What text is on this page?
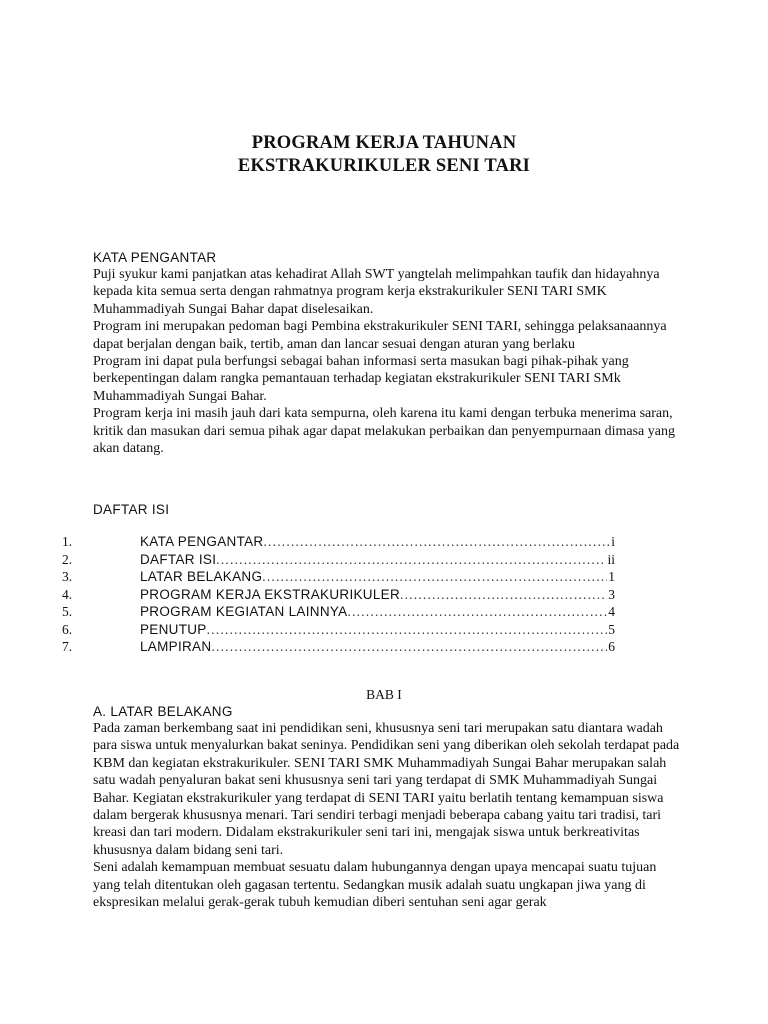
PROGRAM KERJA TAHUNAN
EKSTRAKURIKULER SENI TARI
KATA PENGANTAR

Puji syukur kami panjatkan atas kehadirat Allah SWT yangtelah melimpahkan taufik dan hidayahnya kepada kita semua serta dengan rahmatnya program kerja ekstrakurikuler SENI TARI SMK Muhammadiyah Sungai Bahar dapat diselesaikan.

Program ini merupakan pedoman bagi Pembina ekstrakurikuler SENI TARI, sehingga pelaksanaannya dapat berjalan dengan baik, tertib, aman dan lancar sesuai dengan aturan yang berlaku

Program ini dapat pula berfungsi sebagai bahan informasi serta masukan bagi pihak-pihak yang berkepentingan dalam rangka pemantauan terhadap kegiatan ekstrakurikuler SENI TARI SMk Muhammadiyah Sungai Bahar.

Program kerja ini masih jauh dari kata sempurna, oleh karena itu kami dengan terbuka menerima saran, kritik dan masukan dari semua pihak agar dapat melakukan perbaikan dan penyempurnaan dimasa yang akan datang.

DAFTAR ISI
1.	KATA PENGANTAR .....	i
2.	DAFTAR ISI .....	ii
3.	LATAR BELAKANG .....	1
4.	PROGRAM KERJA EKSTRAKURIKULER .....	3
5.	PROGRAM KEGIATAN LAINNYA .....	4
6.	PENUTUP .....	5
7.	LAMPIRAN .....	6
BAB I
A. LATAR BELAKANG

Pada zaman berkembang saat ini pendidikan seni, khususnya seni tari merupakan satu diantara wadah para siswa untuk menyalurkan bakat seninya. Pendidikan seni yang diberikan oleh sekolah terdapat pada KBM dan kegiatan ekstrakurikuler. SENI TARI SMK Muhammadiyah Sungai Bahar merupakan salah satu wadah penyaluran bakat seni khususnya seni tari yang terdapat di SMK Muhammadiyah Sungai Bahar. Kegiatan ekstrakurikuler yang terdapat di SENI TARI yaitu berlatih tentang kemampuan siswa dalam bergerak khususnya menari. Tari sendiri terbagi menjadi beberapa cabang yaitu tari tradisi, tari kreasi dan tari modern. Didalam ekstrakurikuler seni tari ini, mengajak siswa untuk berkreativitas khususnya dalam bidang seni tari.

Seni adalah kemampuan membuat sesuatu dalam hubungannya dengan upaya mencapai suatu tujuan yang telah ditentukan oleh gagasan tertentu. Sedangkan musik adalah suatu ungkapan jiwa yang di ekspresikan melalui gerak-gerak tubuh kemudian diberi sentuhan seni agar gerak
